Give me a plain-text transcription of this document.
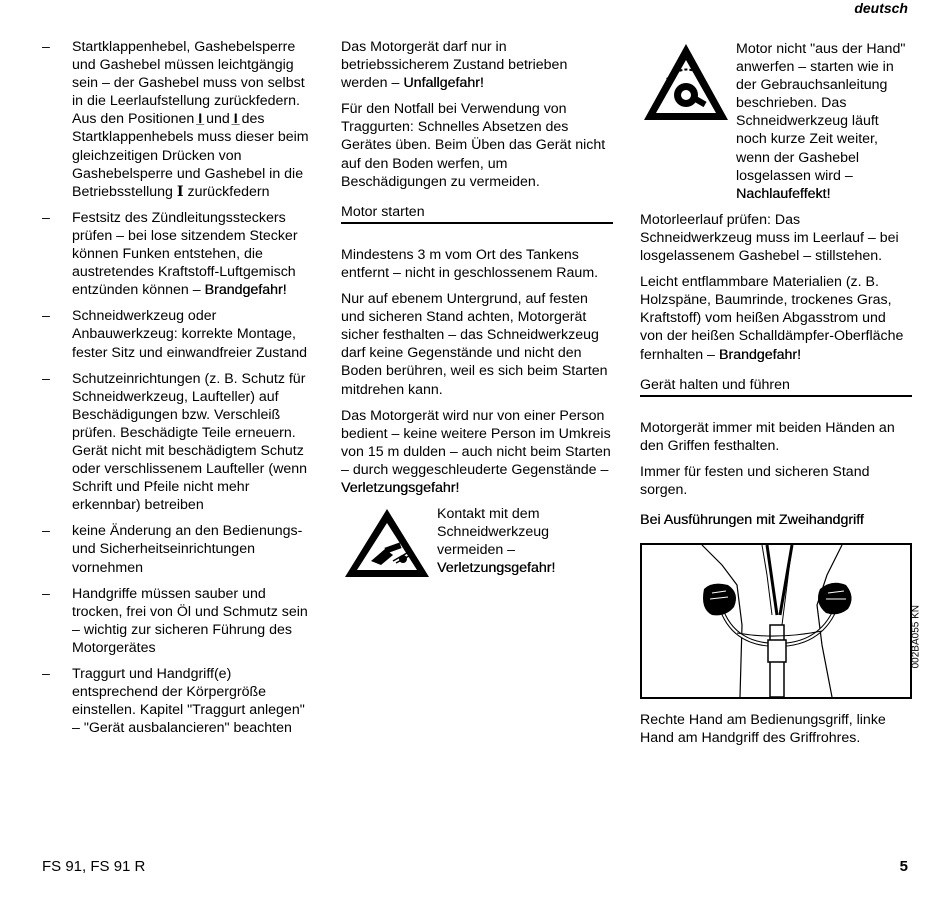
deutsch
– Startklappenhebel, Gashebelsperre und Gashebel müssen leichtgängig sein – der Gashebel muss von selbst in die Leerlaufstellung zurückfedern. Aus den Positionen I̲ und I̲ des Startklappenhebels muss dieser beim gleichzeitigen Drücken von Gashebelsperre und Gashebel in die Betriebsstellung I zurückfedern
– Festsitz des Zündleitungssteckers prüfen – bei lose sitzendem Stecker können Funken entstehen, die austretendes Kraftstoff-Luftgemisch entzünden können – Brandgefahr!
– Schneidwerkzeug oder Anbauwerkzeug: korrekte Montage, fester Sitz und einwandfreier Zustand
– Schutzeinrichtungen (z. B. Schutz für Schneidwerkzeug, Laufteller) auf Beschädigungen bzw. Verschleiß prüfen. Beschädigte Teile erneuern. Gerät nicht mit beschädigtem Schutz oder verschlissenem Laufteller (wenn Schrift und Pfeile nicht mehr erkennbar) betreiben
– keine Änderung an den Bedienungs- und Sicherheitseinrichtungen vornehmen
– Handgriffe müssen sauber und trocken, frei von Öl und Schmutz sein – wichtig zur sicheren Führung des Motorgerätes
– Traggurt und Handgriff(e) entsprechend der Körpergröße einstellen. Kapitel "Traggurt anlegen" – "Gerät ausbalancieren" beachten

Das Motorgerät darf nur in betriebssicherem Zustand betrieben werden – Unfallgefahr!

Für den Notfall bei Verwendung von Traggurten: Schnelles Absetzen des Gerätes üben. Beim Üben das Gerät nicht auf den Boden werfen, um Beschädigungen zu vermeiden.

Motor starten

Mindestens 3 m vom Ort des Tankens entfernt – nicht in geschlossenem Raum.

Nur auf ebenem Untergrund, auf festen und sicheren Stand achten, Motorgerät sicher festhalten – das Schneidwerkzeug darf keine Gegenstände und nicht den Boden berühren, weil es sich beim Starten mitdrehen kann.

Das Motorgerät wird nur von einer Person bedient – keine weitere Person im Umkreis von 15 m dulden – auch nicht beim Starten – durch weggeschleuderte Gegenstände – Verletzungsgefahr!

Kontakt mit dem Schneidwerkzeug vermeiden –
Verletzungsgefahr!
Motor nicht "aus der Hand" anwerfen – starten wie in der Gebrauchsanleitung beschrieben. Das Schneidwerkzeug läuft noch kurze Zeit weiter, wenn der Gashebel losgelassen wird –
Nachlaufeffekt!

Motorleerlauf prüfen: Das Schneidwerkzeug muss im Leerlauf – bei losgelassenem Gashebel – stillstehen.

Leicht entflammbare Materialien (z. B. Holzspäne, Baumrinde, trockenes Gras, Kraftstoff) vom heißen Abgasstrom und von der heißen Schalldämpfer-Oberfläche fernhalten – Brandgefahr!

Gerät halten und führen

Motorgerät immer mit beiden Händen an den Griffen festhalten.

Immer für festen und sicheren Stand sorgen.

Bei Ausführungen mit Zweihandgriff
002BA055 KN

Rechte Hand am Bedienungsgriff, linke Hand am Handgriff des Griffrohres.

FS 91, FS 91 R	5
